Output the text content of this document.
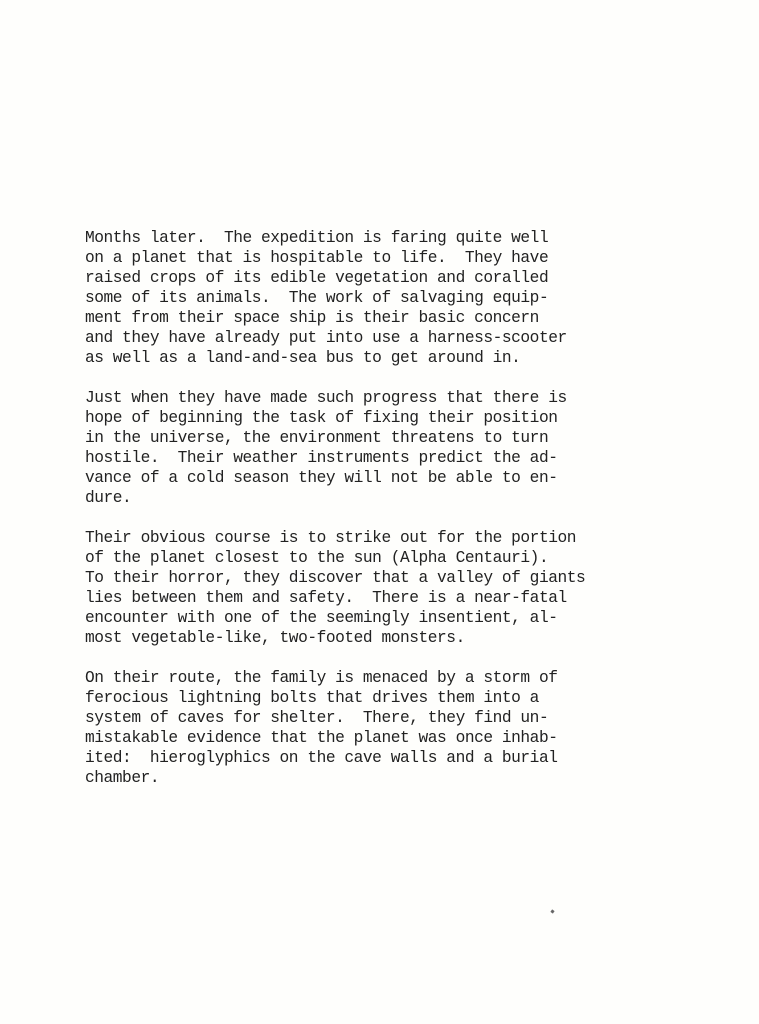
Months later.  The expedition is faring quite well
on a planet that is hospitable to life.  They have
raised crops of its edible vegetation and coralled
some of its animals.  The work of salvaging equip-
ment from their space ship is their basic concern
and they have already put into use a harness-scooter
as well as a land-and-sea bus to get around in.

Just when they have made such progress that there is
hope of beginning the task of fixing their position
in the universe, the environment threatens to turn
hostile.  Their weather instruments predict the ad-
vance of a cold season they will not be able to en-
dure.

Their obvious course is to strike out for the portion
of the planet closest to the sun (Alpha Centauri).
To their horror, they discover that a valley of giants
lies between them and safety.  There is a near-fatal
encounter with one of the seemingly insentient, al-
most vegetable-like, two-footed monsters.

On their route, the family is menaced by a storm of
ferocious lightning bolts that drives them into a
system of caves for shelter.  There, they find un-
mistakable evidence that the planet was once inhab-
ited:  hieroglyphics on the cave walls and a burial
chamber.
